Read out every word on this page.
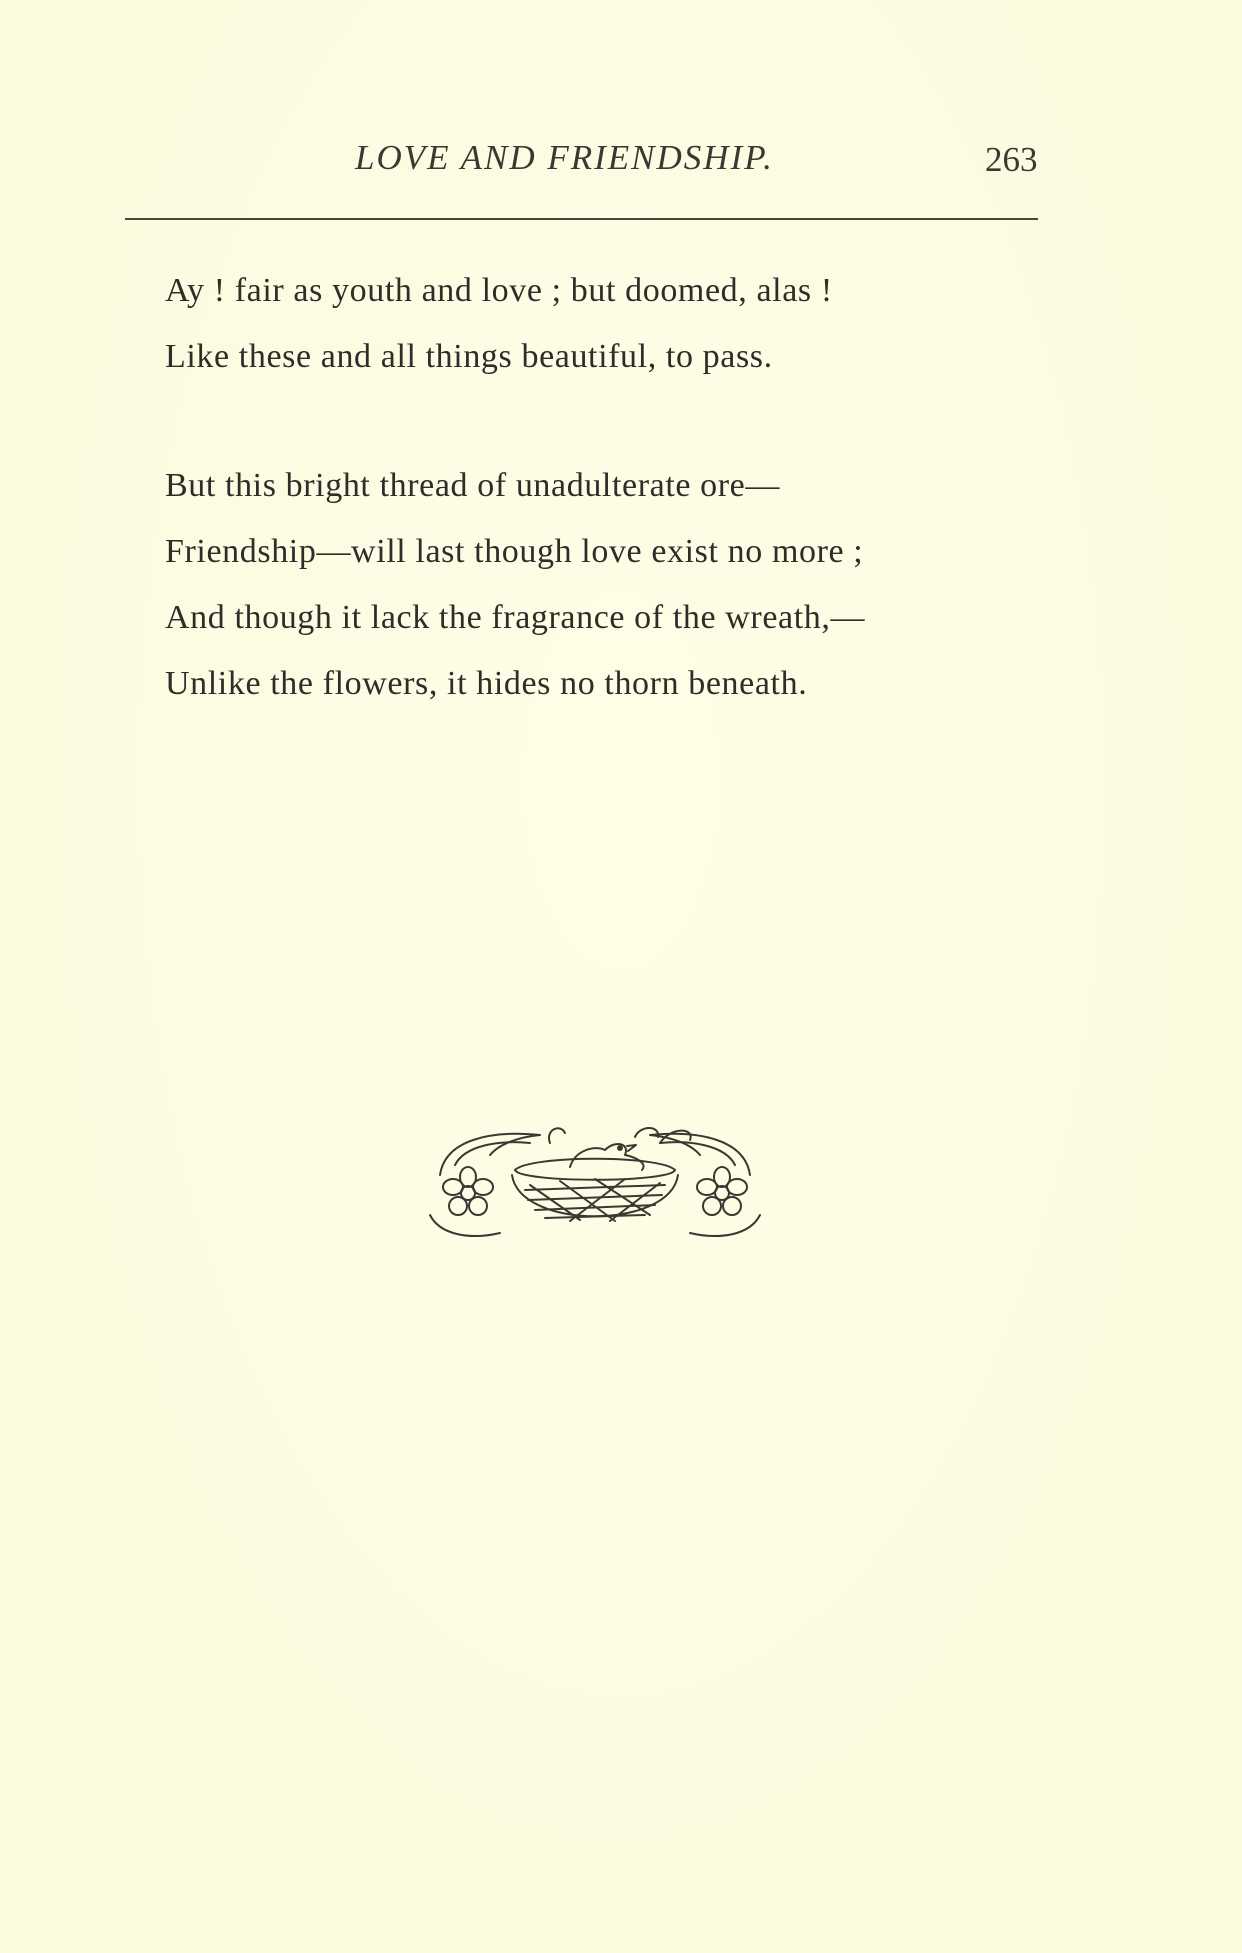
LOVE AND FRIENDSHIP.	263
Ay ! fair as youth and love ; but doomed, alas !
Like these and all things beautiful, to pass.
But this bright thread of unadulterate ore—
Friendship—will last though love exist no more ;
And though it lack the fragrance of the wreath,—
Unlike the flowers, it hides no thorn beneath.
